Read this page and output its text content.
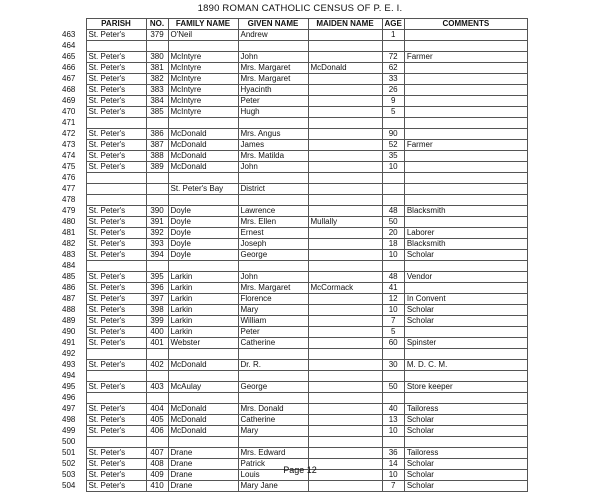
1890 ROMAN CATHOLIC CENSUS OF P. E. I.
	PARISH	NO.	FAMILY NAME	GIVEN NAME	MAIDEN NAME	AGE	COMMENTS
463	St. Peter's	379	O'Neil	Andrew		1	
464							
465	St. Peter's	380	McIntyre	John		72	Farmer
466	St. Peter's	381	McIntyre	Mrs. Margaret	McDonald	62	
467	St. Peter's	382	McIntyre	Mrs. Margaret		33	
468	St. Peter's	383	McIntyre	Hyacinth		26	
469	St. Peter's	384	McIntyre	Peter		9	
470	St. Peter's	385	McIntyre	Hugh		5	
471							
472	St. Peter's	386	McDonald	Mrs. Angus		90	
473	St. Peter's	387	McDonald	James		52	Farmer
474	St. Peter's	388	McDonald	Mrs. Matilda		35	
475	St. Peter's	389	McDonald	John		10	
476							
477			St. Peter's Bay	District			
478							
479	St. Peter's	390	Doyle	Lawrence		48	Blacksmith
480	St. Peter's	391	Doyle	Mrs. Ellen	Mullally	50	
481	St. Peter's	392	Doyle	Ernest		20	Laborer
482	St. Peter's	393	Doyle	Joseph		18	Blacksmith
483	St. Peter's	394	Doyle	George		10	Scholar
484							
485	St. Peter's	395	Larkin	John		48	Vendor
486	St. Peter's	396	Larkin	Mrs. Margaret	McCormack	41	
487	St. Peter's	397	Larkin	Florence		12	In Convent
488	St. Peter's	398	Larkin	Mary		10	Scholar
489	St. Peter's	399	Larkin	William		7	Scholar
490	St. Peter's	400	Larkin	Peter		5	
491	St. Peter's	401	Webster	Catherine		60	Spinster
492							
493	St. Peter's	402	McDonald	Dr. R.		30	M. D. C. M.
494							
495	St. Peter's	403	McAulay	George		50	Store keeper
496							
497	St. Peter's	404	McDonald	Mrs. Donald		40	Tailoress
498	St. Peter's	405	McDonald	Catherine		13	Scholar
499	St. Peter's	406	McDonald	Mary		10	Scholar
500							
501	St. Peter's	407	Drane	Mrs. Edward		36	Tailoress
502	St. Peter's	408	Drane	Patrick		14	Scholar
503	St. Peter's	409	Drane	Louis		10	Scholar
504	St. Peter's	410	Drane	Mary Jane		7	Scholar
Page 12
